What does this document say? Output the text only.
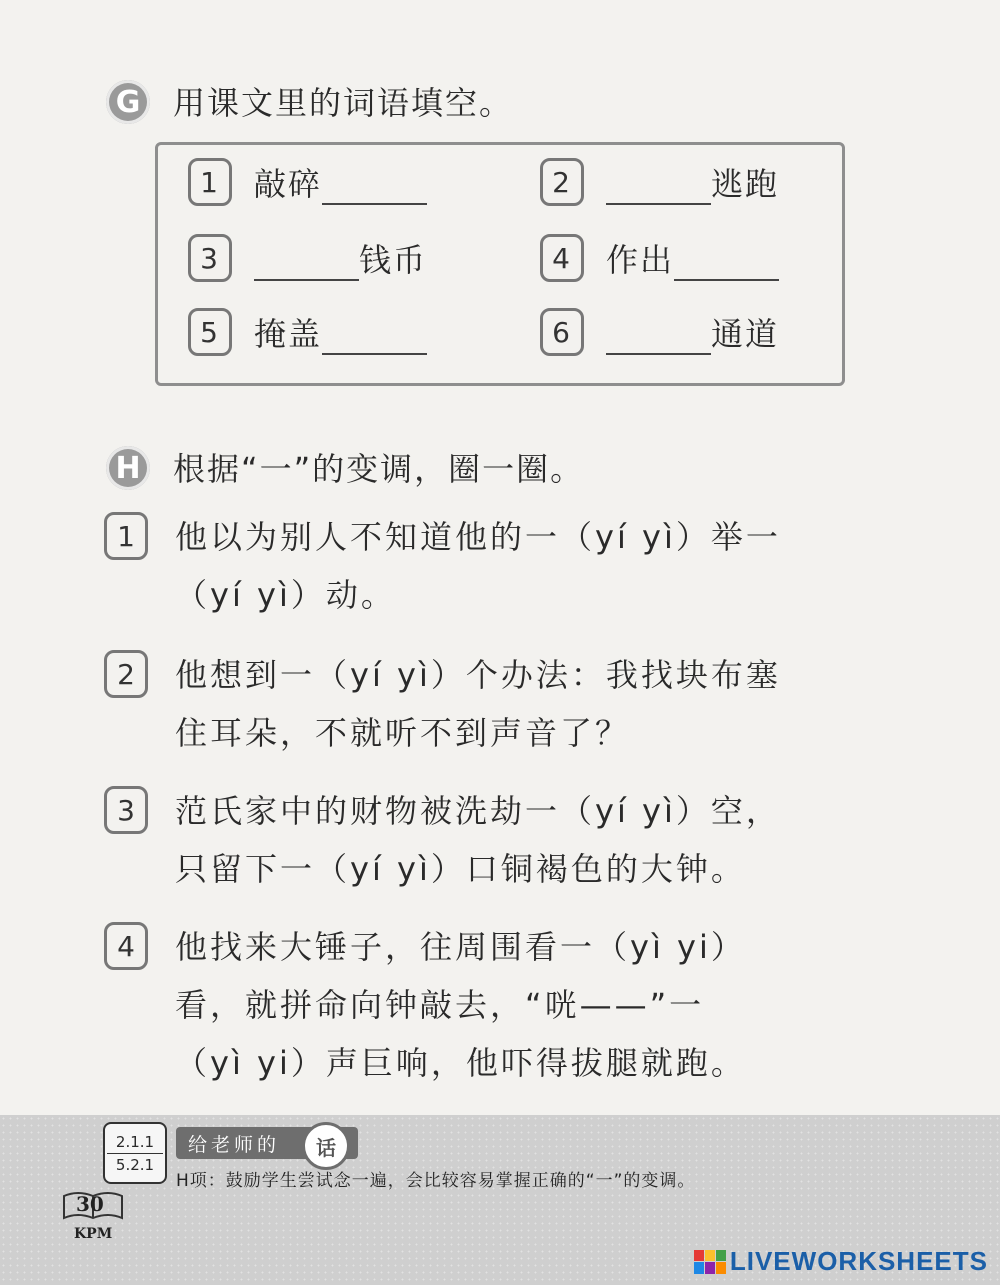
G	用课文里的词语填空。
1	敲碎	2	逃跑
3	钱币	4	作出
5	掩盖	6	通道
H 根据“一”的变调，圈一圈。
1	他以为别人不知道他的一（yí yì）举一
（yí yì）动。
2	他想到一（yí yì）个办法：我找块布塞
住耳朵，不就听不到声音了？
3	范氏家中的财物被洗劫一（yí yì）空，
只留下一（yí yì）口铜褐色的大钟。
4	他找来大锤子，往周围看一（yì yi）
看，就拼命向钟敲去，“咣——”一
（yì yi）声巨响，他吓得拔腿就跑。
2.1.1
5.2.1
给老师的	话
H项：鼓励学生尝试念一遍，会比较容易掌握正确的“一”的变调。
30
KPM
LIVEWORKSHEETS
